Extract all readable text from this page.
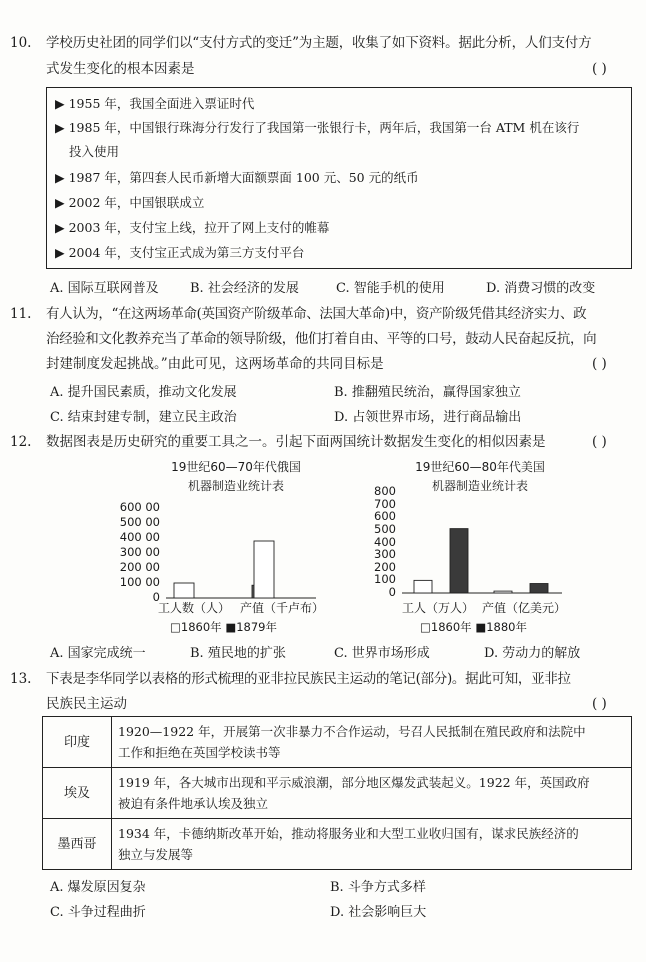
10. 学校历史社团的同学们以“支付方式的变迁”为主题，收集了如下资料。据此分析，人们支付方
式发生变化的根本因素是	( )
▶ 1955 年，我国全面进入票证时代
▶ 1985 年，中国银行珠海分行发行了我国第一张银行卡，两年后，我国第一台 ATM 机在该行
投入使用
▶ 1987 年，第四套人民币新增大面额票面 100 元、50 元的纸币
▶ 2002 年，中国银联成立
▶ 2003 年，支付宝上线，拉开了网上支付的帷幕
▶ 2004 年，支付宝正式成为第三方支付平台
A. 国际互联网普及 B. 社会经济的发展	C. 智能手机的使用	D. 消费习惯的改变
11. 有人认为，“在这两场革命(英国资产阶级革命、法国大革命)中，资产阶级凭借其经济实力、政
治经验和文化教养充当了革命的领导阶级，他们打着自由、平等的口号，鼓动人民奋起反抗，向
封建制度发起挑战。”由此可见，这两场革命的共同目标是	( )
A. 提升国民素质，推动文化发展	B. 推翻殖民统治，赢得国家独立
C. 结束封建专制，建立民主政治	D. 占领世界市场，进行商品输出
12. 数据图表是历史研究的重要工具之一。引起下面两国统计数据发生变化的相似因素是	( )
19世纪60—70年代俄国
机器制造业统计表
600 00
500 00
400 00
300 00
200 00
100 00
0
工人数（人） 产值（千卢布）
□1860年 ■1879年
19世纪60—80年代美国
机器制造业统计表
800
700
600
500
400
300
200
100
0
工人（万人） 产值（亿美元）
□1860年 ■1880年
A. 国家完成统一	B. 殖民地的扩张	C. 世界市场形成	D. 劳动力的解放
13. 下表是李华同学以表格的形式梳理的亚非拉民族民主运动的笔记(部分)。据此可知，亚非拉
民族民主运动	( )
印度	1920—1922 年，开展第一次非暴力不合作运动，号召人民抵制在殖民政府和法院中
工作和拒绝在英国学校读书等

埃及	1919 年，各大城市出现和平示威浪潮，部分地区爆发武装起义。1922 年，英国政府
被迫有条件地承认埃及独立

墨西哥	1934 年，卡德纳斯改革开始，推动将服务业和大型工业收归国有，谋求民族经济的
独立与发展等
A. 爆发原因复杂	B. 斗争方式多样
C. 斗争过程曲折	D. 社会影响巨大
